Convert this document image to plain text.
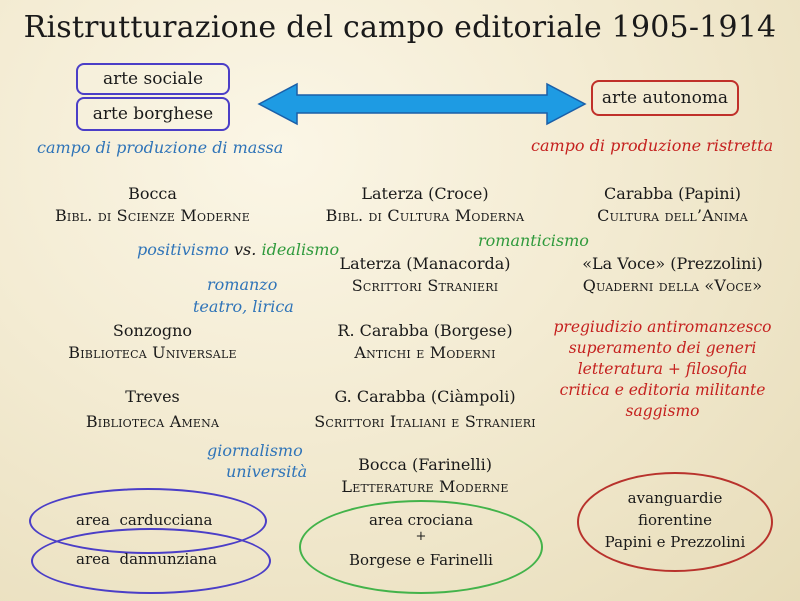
Ristrutturazione del campo editoriale 1905-1914
arte sociale
arte borghese
arte autonoma
campo di produzione di massa	campo di produzione ristretta
Bocca
Bibl. di Scienze Moderne
Laterza (Croce)
Bibl. di Cultura Moderna
Carabba (Papini)
Cultura dell’Anima
positivismo vs. idealismo	romanticismo
Laterza (Manacorda)
Scrittori Stranieri
«La Voce» (Prezzolini)
Quaderni della «Voce»
romanzo
teatro, lirica
Sonzogno
Biblioteca Universale
R. Carabba (Borgese)
Antichi e Moderni
pregiudizio antiromanzesco
superamento dei generi
letteratura + filosofia
critica e editoria militante
saggismo
Treves
Biblioteca Amena
G. Carabba (Ciàmpoli)
Scrittori Italiani e Stranieri
giornalismo
università	Bocca (Farinelli)
Letterature Moderne
area  carducciana
area  dannunziana
area crociana
+
Borgese e Farinelli
avanguardie
fiorentine
Papini e Prezzolini
